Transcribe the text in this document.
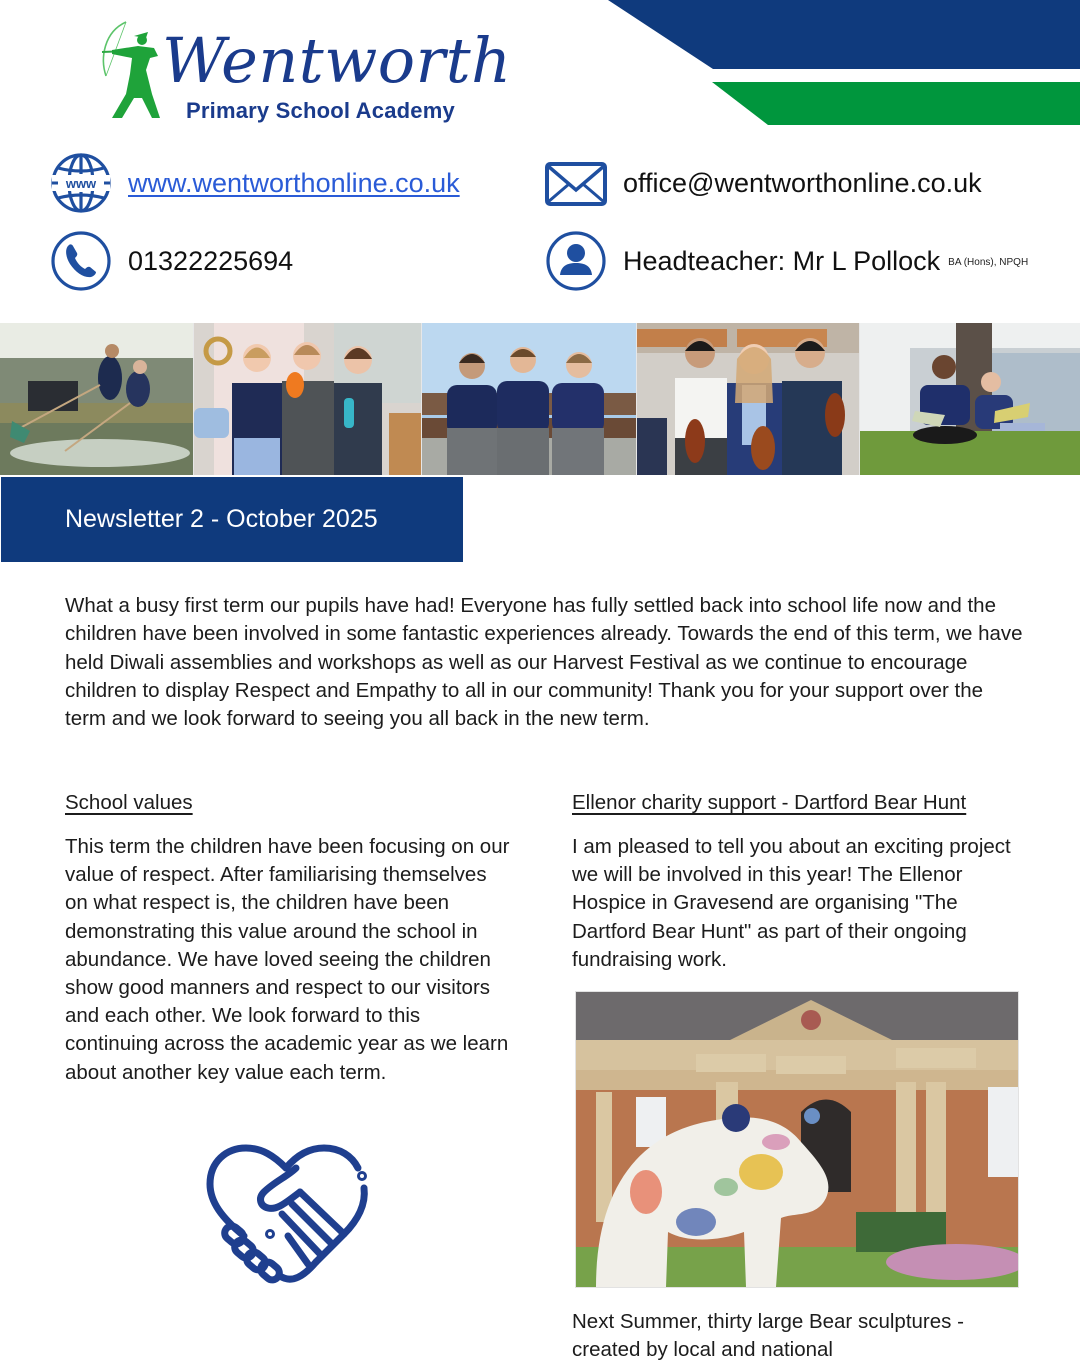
Wentworth
Primary School Academy
www www.wentworthonline.co.uk	office@wentworthonline.co.uk
01322225694	Headteacher: Mr L Pollock BA (Hons), NPQH
Newsletter 2 - October 2025
What a busy first term our pupils have had! Everyone has fully settled back into school life now and the children have been involved in some fantastic experiences already. Towards the end of this term, we have held Diwali assemblies and workshops as well as our Harvest Festival as we continue to encourage children to display Respect and Empathy to all in our community! Thank you for your support over the term and we look forward to seeing you all back in the new term.
School values
This term the children have been focusing on our value of respect. After familiarising themselves on what respect is, the children have been demonstrating this value around the school in abundance. We have loved seeing the children show good manners and respect to our visitors and each other. We look forward to this continuing across the academic year as we learn about another key value each term.
Ellenor charity support - Dartford Bear Hunt
I am pleased to tell you about an exciting project we will be involved in this year! The Ellenor Hospice in Gravesend are organising "The Dartford Bear Hunt" as part of their ongoing fundraising work.
Next Summer, thirty large Bear sculptures - created by local and national
